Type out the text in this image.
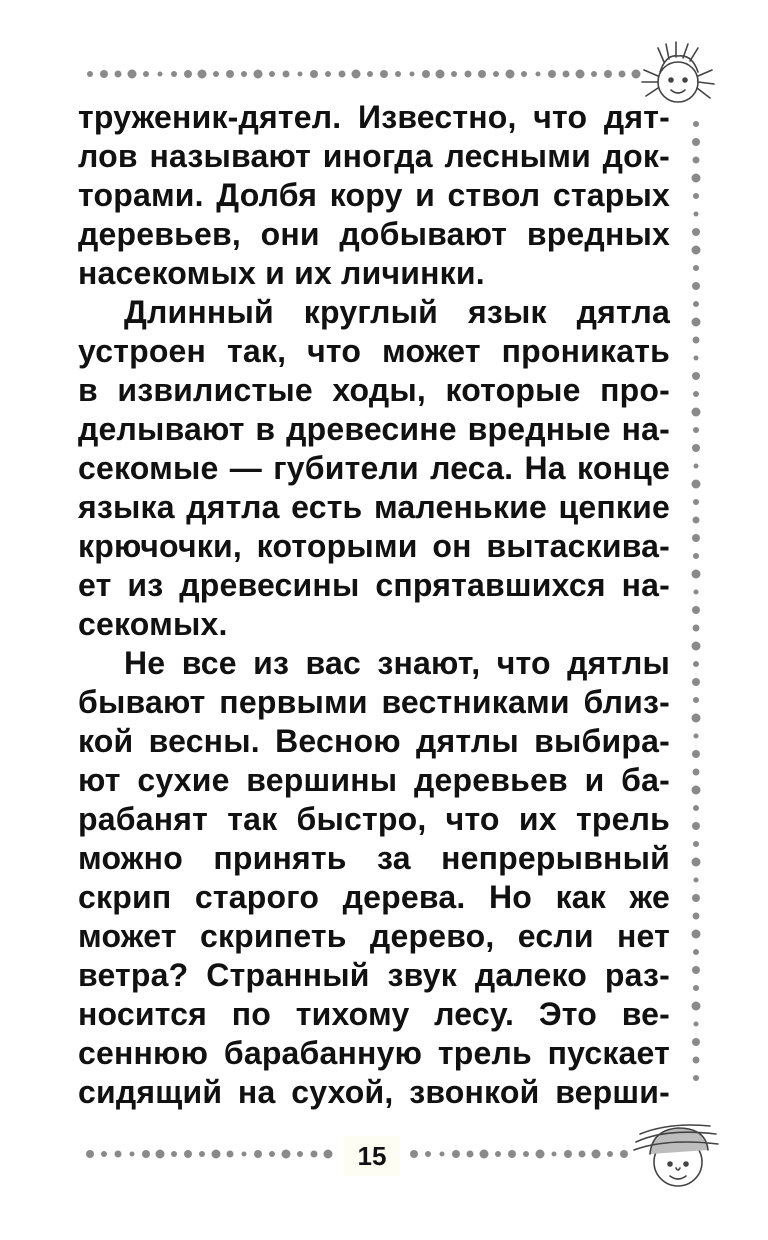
труженик-дятел. Известно, что дят-
лов называют иногда лесными док-
торами. Долбя кору и ствол старых
деревьев, они добывают вредных
насекомых и их личинки.
Длинный круглый язык дятла
устроен так, что может проникать
в извилистые ходы, которые про-
делывают в древесине вредные на-
секомые — губители леса. На конце
языка дятла есть маленькие цепкие
крючочки, которыми он вытаскива-
ет из древесины спрятавшихся на-
секомых.
Не все из вас знают, что дятлы
бывают первыми вестниками близ-
кой весны. Весною дятлы выбира-
ют сухие вершины деревьев и ба-
рабанят так быстро, что их трель
можно принять за непрерывный
скрип старого дерева. Но как же
может скрипеть дерево, если нет
ветра? Странный звук далеко раз-
носится по тихому лесу. Это ве-
сеннюю барабанную трель пускает
сидящий на сухой, звонкой верши-
15
